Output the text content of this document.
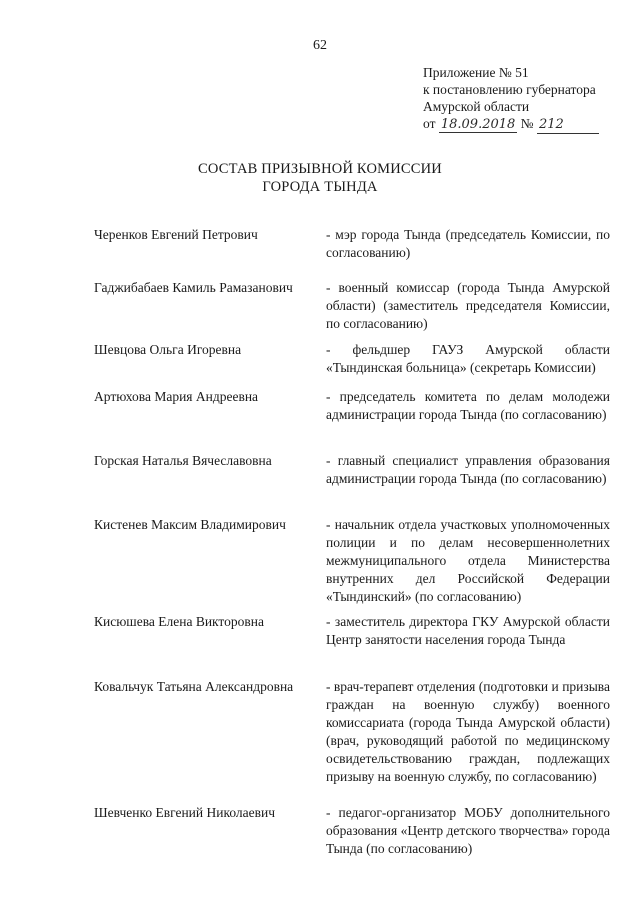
62
Приложение № 51
к постановлению губернатора
Амурской области
от 18.09.2018 № 212
СОСТАВ ПРИЗЫВНОЙ КОМИССИИ
ГОРОДА ТЫНДА
Черенков Евгений Петрович	- мэр города Тында (председатель Комиссии, по согласованию)
Гаджибабаев Камиль Рамазанович	- военный комиссар (города Тында Амурской области) (заместитель председателя Комиссии, по согласованию)
Шевцова Ольга Игоревна	- фельдшер ГАУЗ Амурской области «Тындинская больница» (секретарь Комиссии)
Артюхова Мария Андреевна	- председатель комитета по делам молодежи администрации города Тында (по согласованию)
Горская Наталья Вячеславовна	- главный специалист управления образования администрации города Тында (по согласованию)
Кистенев Максим Владимирович	- начальник отдела участковых уполномоченных полиции и по делам несовершеннолетних межмуниципального отдела Министерства внутренних дел Российской Федерации «Тындинский» (по согласованию)
Кисюшева Елена Викторовна	- заместитель директора ГКУ Амурской области Центр занятости населения города Тында
Ковальчук Татьяна Александровна	- врач-терапевт отделения (подготовки и призыва граждан на военную службу) военного комиссариата (города Тында Амурской области) (врач, руководящий работой по медицинскому освидетельствованию граждан, подлежащих призыву на военную службу, по согласованию)
Шевченко Евгений Николаевич	- педагог-организатор МОБУ дополнительного образования «Центр детского творчества» города Тында (по согласованию)
